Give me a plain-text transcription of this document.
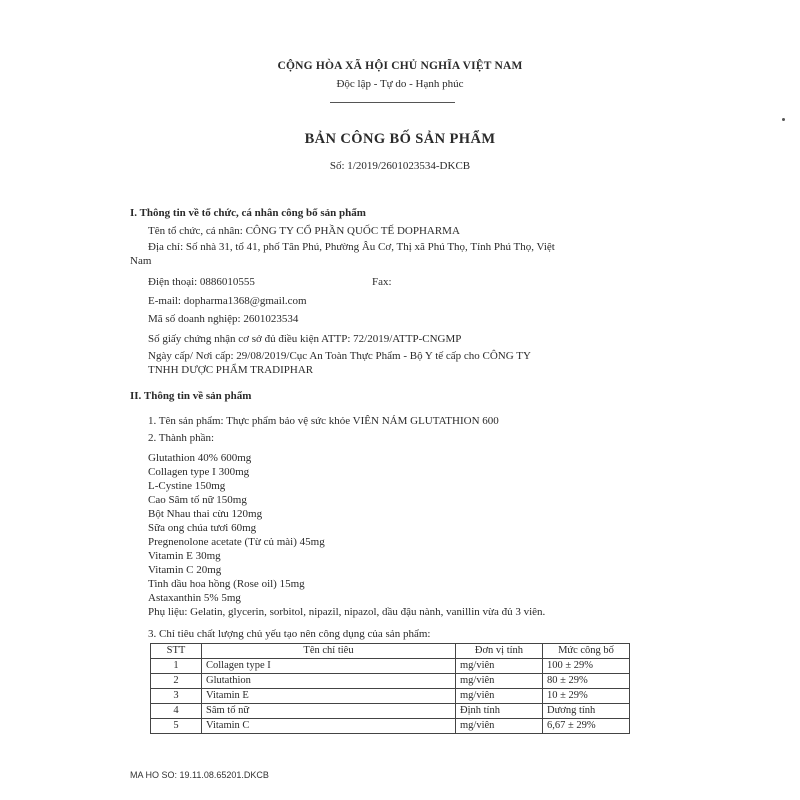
CỘNG HÒA XÃ HỘI CHỦ NGHĨA VIỆT NAM
Độc lập - Tự do - Hạnh phúc
BẢN CÔNG BỐ SẢN PHẨM
Số: 1/2019/2601023534-DKCB
I. Thông tin về tổ chức, cá nhân công bố sản phẩm
Tên tổ chức, cá nhân: CÔNG TY CỔ PHẦN QUỐC TẾ DOPHARMA
Địa chỉ: Số nhà 31, tổ 41, phố Tân Phú, Phường Âu Cơ, Thị xã Phú Thọ, Tỉnh Phú Thọ, Việt
Nam
Điện thoại: 0886010555	Fax:
E-mail: dopharma1368@gmail.com
Mã số doanh nghiệp: 2601023534
Số giấy chứng nhận cơ sở đủ điều kiện ATTP: 72/2019/ATTP-CNGMP
Ngày cấp/ Nơi cấp: 29/08/2019/Cục An Toàn Thực Phẩm - Bộ Y tế cấp cho CÔNG TY
TNHH DƯỢC PHẨM TRADIPHAR
II. Thông tin về sản phẩm
1. Tên sản phẩm: Thực phẩm bảo vệ sức khỏe VIÊN NÁM GLUTATHION 600
2. Thành phần:
Glutathion 40% 600mg
Collagen type I 300mg
L-Cystine 150mg
Cao Sâm tố nữ 150mg
Bột Nhau thai cừu 120mg
Sữa ong chúa tươi 60mg
Pregnenolone acetate (Từ củ mài) 45mg
Vitamin E 30mg
Vitamin C 20mg
Tinh dầu hoa hồng (Rose oil) 15mg
Astaxanthin 5% 5mg
Phụ liệu: Gelatin, glycerin, sorbitol, nipazil, nipazol, dầu đậu nành, vanillin vừa đủ 3 viên.
3. Chỉ tiêu chất lượng chủ yếu tạo nên công dụng của sản phẩm:
STT	Tên chỉ tiêu	Đơn vị tính	Mức công bố
1	Collagen type I	mg/viên	100 ± 29%
2	Glutathion	mg/viên	80 ± 29%
3	Vitamin E	mg/viên	10 ± 29%
4	Sâm tố nữ	Định tính	Dương tính
5	Vitamin C	mg/viên	6,67 ± 29%
MA HO SO: 19.11.08.65201.DKCB
